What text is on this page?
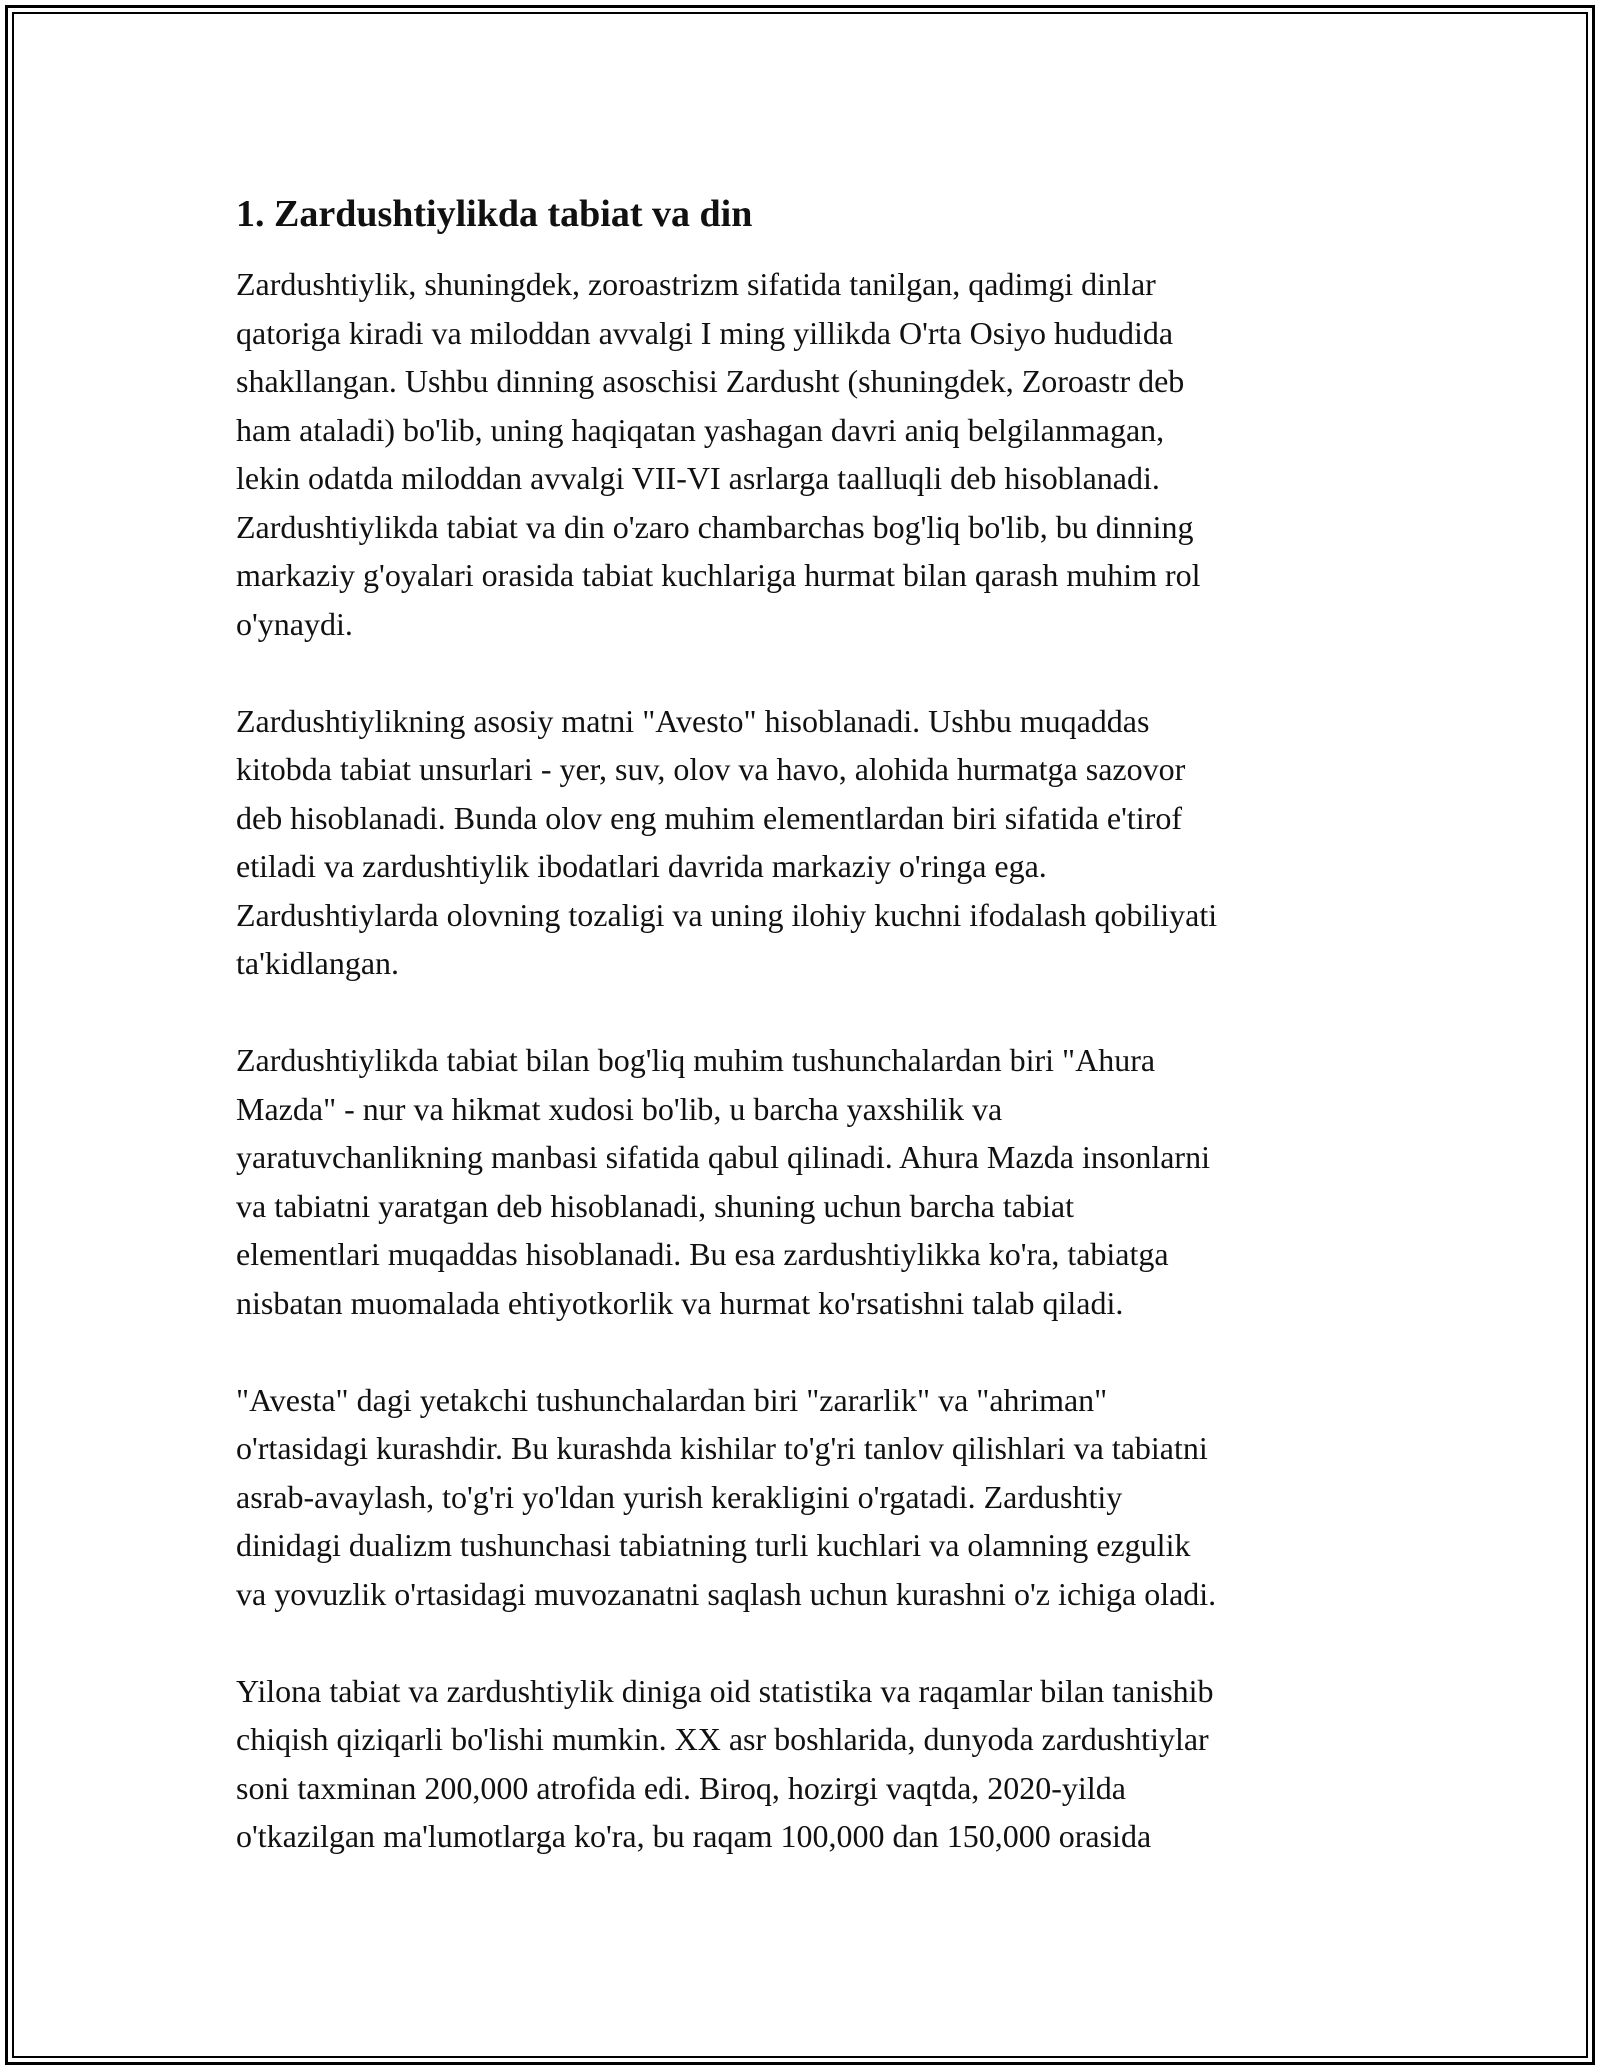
1. Zardushtiylikda tabiat va din

Zardushtiylik, shuningdek, zoroastrizm sifatida tanilgan, qadimgi dinlar
qatoriga kiradi va miloddan avvalgi I ming yillikda O'rta Osiyo hududida
shakllangan. Ushbu dinning asoschisi Zardusht (shuningdek, Zoroastr deb
ham ataladi) bo'lib, uning haqiqatan yashagan davri aniq belgilanmagan,
lekin odatda miloddan avvalgi VII-VI asrlarga taalluqli deb hisoblanadi.
Zardushtiylikda tabiat va din o'zaro chambarchas bog'liq bo'lib, bu dinning
markaziy g'oyalari orasida tabiat kuchlariga hurmat bilan qarash muhim rol
o'ynaydi.

Zardushtiylikning asosiy matni "Avesto" hisoblanadi. Ushbu muqaddas
kitobda tabiat unsurlari - yer, suv, olov va havo, alohida hurmatga sazovor
deb hisoblanadi. Bunda olov eng muhim elementlardan biri sifatida e'tirof
etiladi va zardushtiylik ibodatlari davrida markaziy o'ringa ega.
Zardushtiylarda olovning tozaligi va uning ilohiy kuchni ifodalash qobiliyati
ta'kidlangan.

Zardushtiylikda tabiat bilan bog'liq muhim tushunchalardan biri "Ahura
Mazda" - nur va hikmat xudosi bo'lib, u barcha yaxshilik va
yaratuvchanlikning manbasi sifatida qabul qilinadi. Ahura Mazda insonlarni
va tabiatni yaratgan deb hisoblanadi, shuning uchun barcha tabiat
elementlari muqaddas hisoblanadi. Bu esa zardushtiylikka ko'ra, tabiatga
nisbatan muomalada ehtiyotkorlik va hurmat ko'rsatishni talab qiladi.

"Avesta" dagi yetakchi tushunchalardan biri "zararlik" va "ahriman"
o'rtasidagi kurashdir. Bu kurashda kishilar to'g'ri tanlov qilishlari va tabiatni
asrab-avaylash, to'g'ri yo'ldan yurish kerakligini o'rgatadi. Zardushtiy
dinidagi dualizm tushunchasi tabiatning turli kuchlari va olamning ezgulik
va yovuzlik o'rtasidagi muvozanatni saqlash uchun kurashni o'z ichiga oladi.

Yilona tabiat va zardushtiylik diniga oid statistika va raqamlar bilan tanishib
chiqish qiziqarli bo'lishi mumkin. XX asr boshlarida, dunyoda zardushtiylar
soni taxminan 200,000 atrofida edi. Biroq, hozirgi vaqtda, 2020-yilda
o'tkazilgan ma'lumotlarga ko'ra, bu raqam 100,000 dan 150,000 orasida
